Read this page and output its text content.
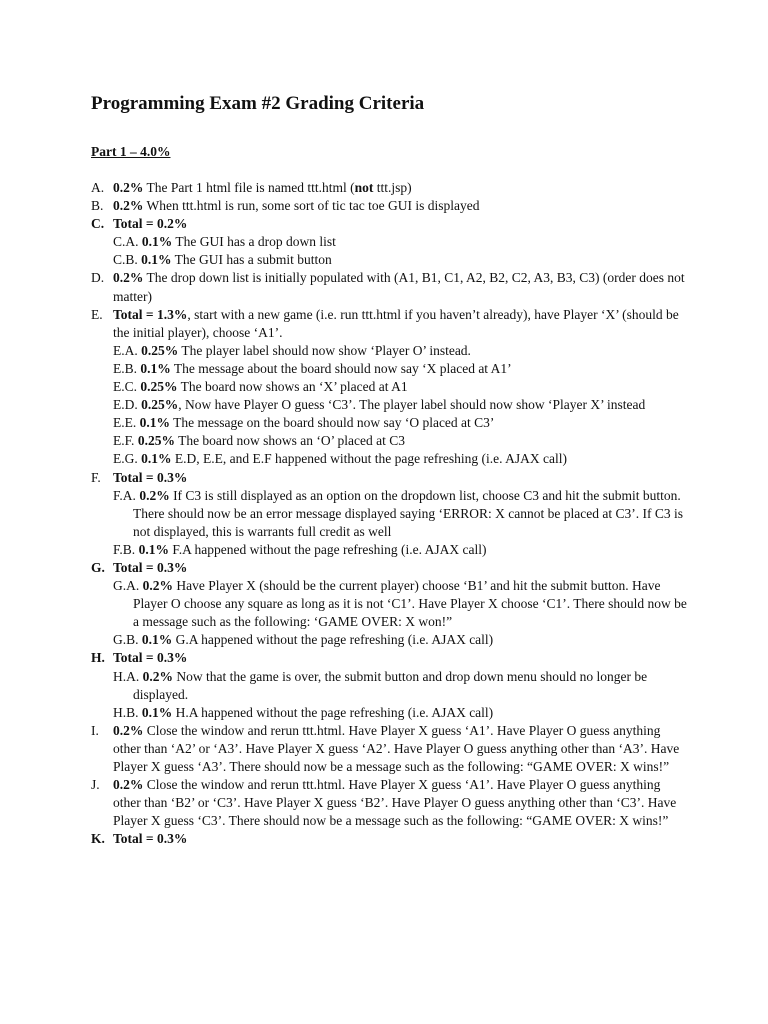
Programming Exam #2 Grading Criteria
Part 1 – 4.0%
A. 0.2% The Part 1 html file is named ttt.html (not ttt.jsp)
B. 0.2% When ttt.html is run, some sort of tic tac toe GUI is displayed
C. Total = 0.2%
C.A. 0.1% The GUI has a drop down list
C.B. 0.1% The GUI has a submit button
D. 0.2% The drop down list is initially populated with (A1, B1, C1, A2, B2, C2, A3, B3, C3) (order does not matter)
E. Total = 1.3%, start with a new game (i.e. run ttt.html if you haven’t already), have Player ‘X’ (should be the initial player), choose ‘A1’.
E.A. 0.25% The player label should now show ‘Player O’ instead.
E.B. 0.1% The message about the board should now say ‘X placed at A1’
E.C. 0.25% The board now shows an ‘X’ placed at A1
E.D. 0.25%, Now have Player O guess ‘C3’. The player label should now show ‘Player X’ instead
E.E. 0.1% The message on the board should now say ‘O placed at C3’
E.F. 0.25% The board now shows an ‘O’ placed at C3
E.G. 0.1% E.D, E.E, and E.F happened without the page refreshing (i.e. AJAX call)
F. Total = 0.3%
F.A. 0.2% If C3 is still displayed as an option on the dropdown list, choose C3 and hit the submit button. There should now be an error message displayed saying ‘ERROR: X cannot be placed at C3’. If C3 is not displayed, this is warrants full credit as well
F.B. 0.1% F.A happened without the page refreshing (i.e. AJAX call)
G. Total = 0.3%
G.A. 0.2% Have Player X (should be the current player) choose ‘B1’ and hit the submit button. Have Player O choose any square as long as it is not ‘C1’. Have Player X choose ‘C1’. There should now be a message such as the following: ‘GAME OVER: X won!”
G.B. 0.1% G.A happened without the page refreshing (i.e. AJAX call)
H. Total = 0.3%
H.A. 0.2% Now that the game is over, the submit button and drop down menu should no longer be displayed.
H.B. 0.1% H.A happened without the page refreshing (i.e. AJAX call)
I.	0.2% Close the window and rerun ttt.html. Have Player X guess ‘A1’. Have Player O guess anything other than ‘A2’ or ‘A3’. Have Player X guess ‘A2’. Have Player O guess anything other than ‘A3’. Have Player X guess ‘A3’. There should now be a message such as the following: “GAME OVER: X wins!”
J. 0.2% Close the window and rerun ttt.html. Have Player X guess ‘A1’. Have Player O guess anything other than ‘B2’ or ‘C3’. Have Player X guess ‘B2’. Have Player O guess anything other than ‘C3’. Have Player X guess ‘C3’. There should now be a message such as the following: “GAME OVER: X wins!”
K. Total = 0.3%
